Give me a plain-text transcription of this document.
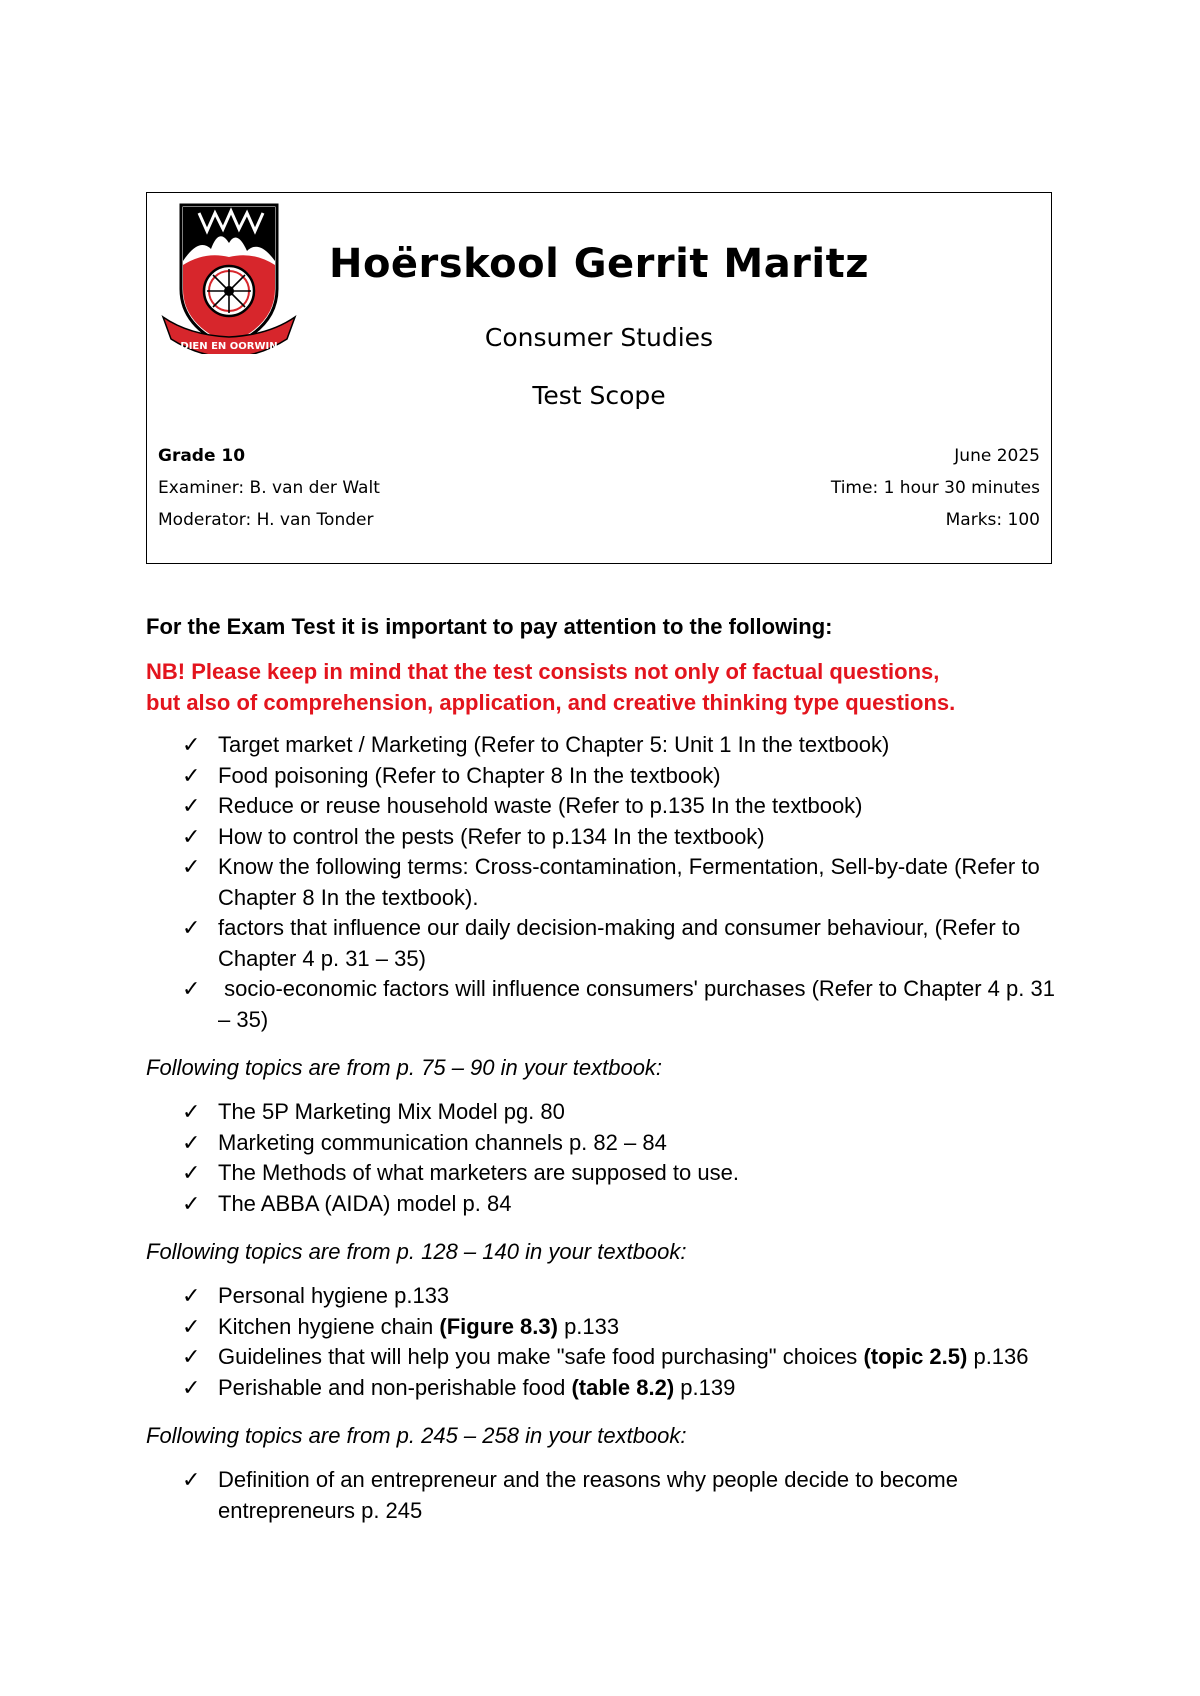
DIEN EN OORWIN
Hoërskool Gerrit Maritz
Consumer Studies
Test Scope
Grade 10
Examiner: B. van der Walt
Moderator: H. van Tonder
June 2025
Time: 1 hour 30 minutes
Marks: 100

For the Exam Test it is important to pay attention to the following:

NB! Please keep in mind that the test consists not only of factual questions,
but also of comprehension, application, and creative thinking type questions.

✓ Target market / Marketing (Refer to Chapter 5: Unit 1 In the textbook)
✓ Food poisoning (Refer to Chapter 8 In the textbook)
✓ Reduce or reuse household waste (Refer to p.135 In the textbook)
✓ How to control the pests (Refer to p.134 In the textbook)
✓ Know the following terms: Cross-contamination, Fermentation, Sell-by-date (Refer to Chapter 8 In the textbook).
✓ factors that influence our daily decision-making and consumer behaviour, (Refer to Chapter 4 p. 31 – 35)
✓ socio-economic factors will influence consumers' purchases (Refer to Chapter 4 p. 31 – 35)

Following topics are from p. 75 – 90 in your textbook:

✓ The 5P Marketing Mix Model pg. 80
✓ Marketing communication channels p. 82 – 84
✓ The Methods of what marketers are supposed to use.
✓ The ABBA (AIDA) model p. 84

Following topics are from p. 128 – 140 in your textbook:

✓ Personal hygiene p.133
✓ Kitchen hygiene chain (Figure 8.3) p.133
✓ Guidelines that will help you make "safe food purchasing" choices (topic 2.5) p.136
✓ Perishable and non-perishable food (table 8.2) p.139

Following topics are from p. 245 – 258 in your textbook:

✓ Definition of an entrepreneur and the reasons why people decide to become entrepreneurs p. 245
